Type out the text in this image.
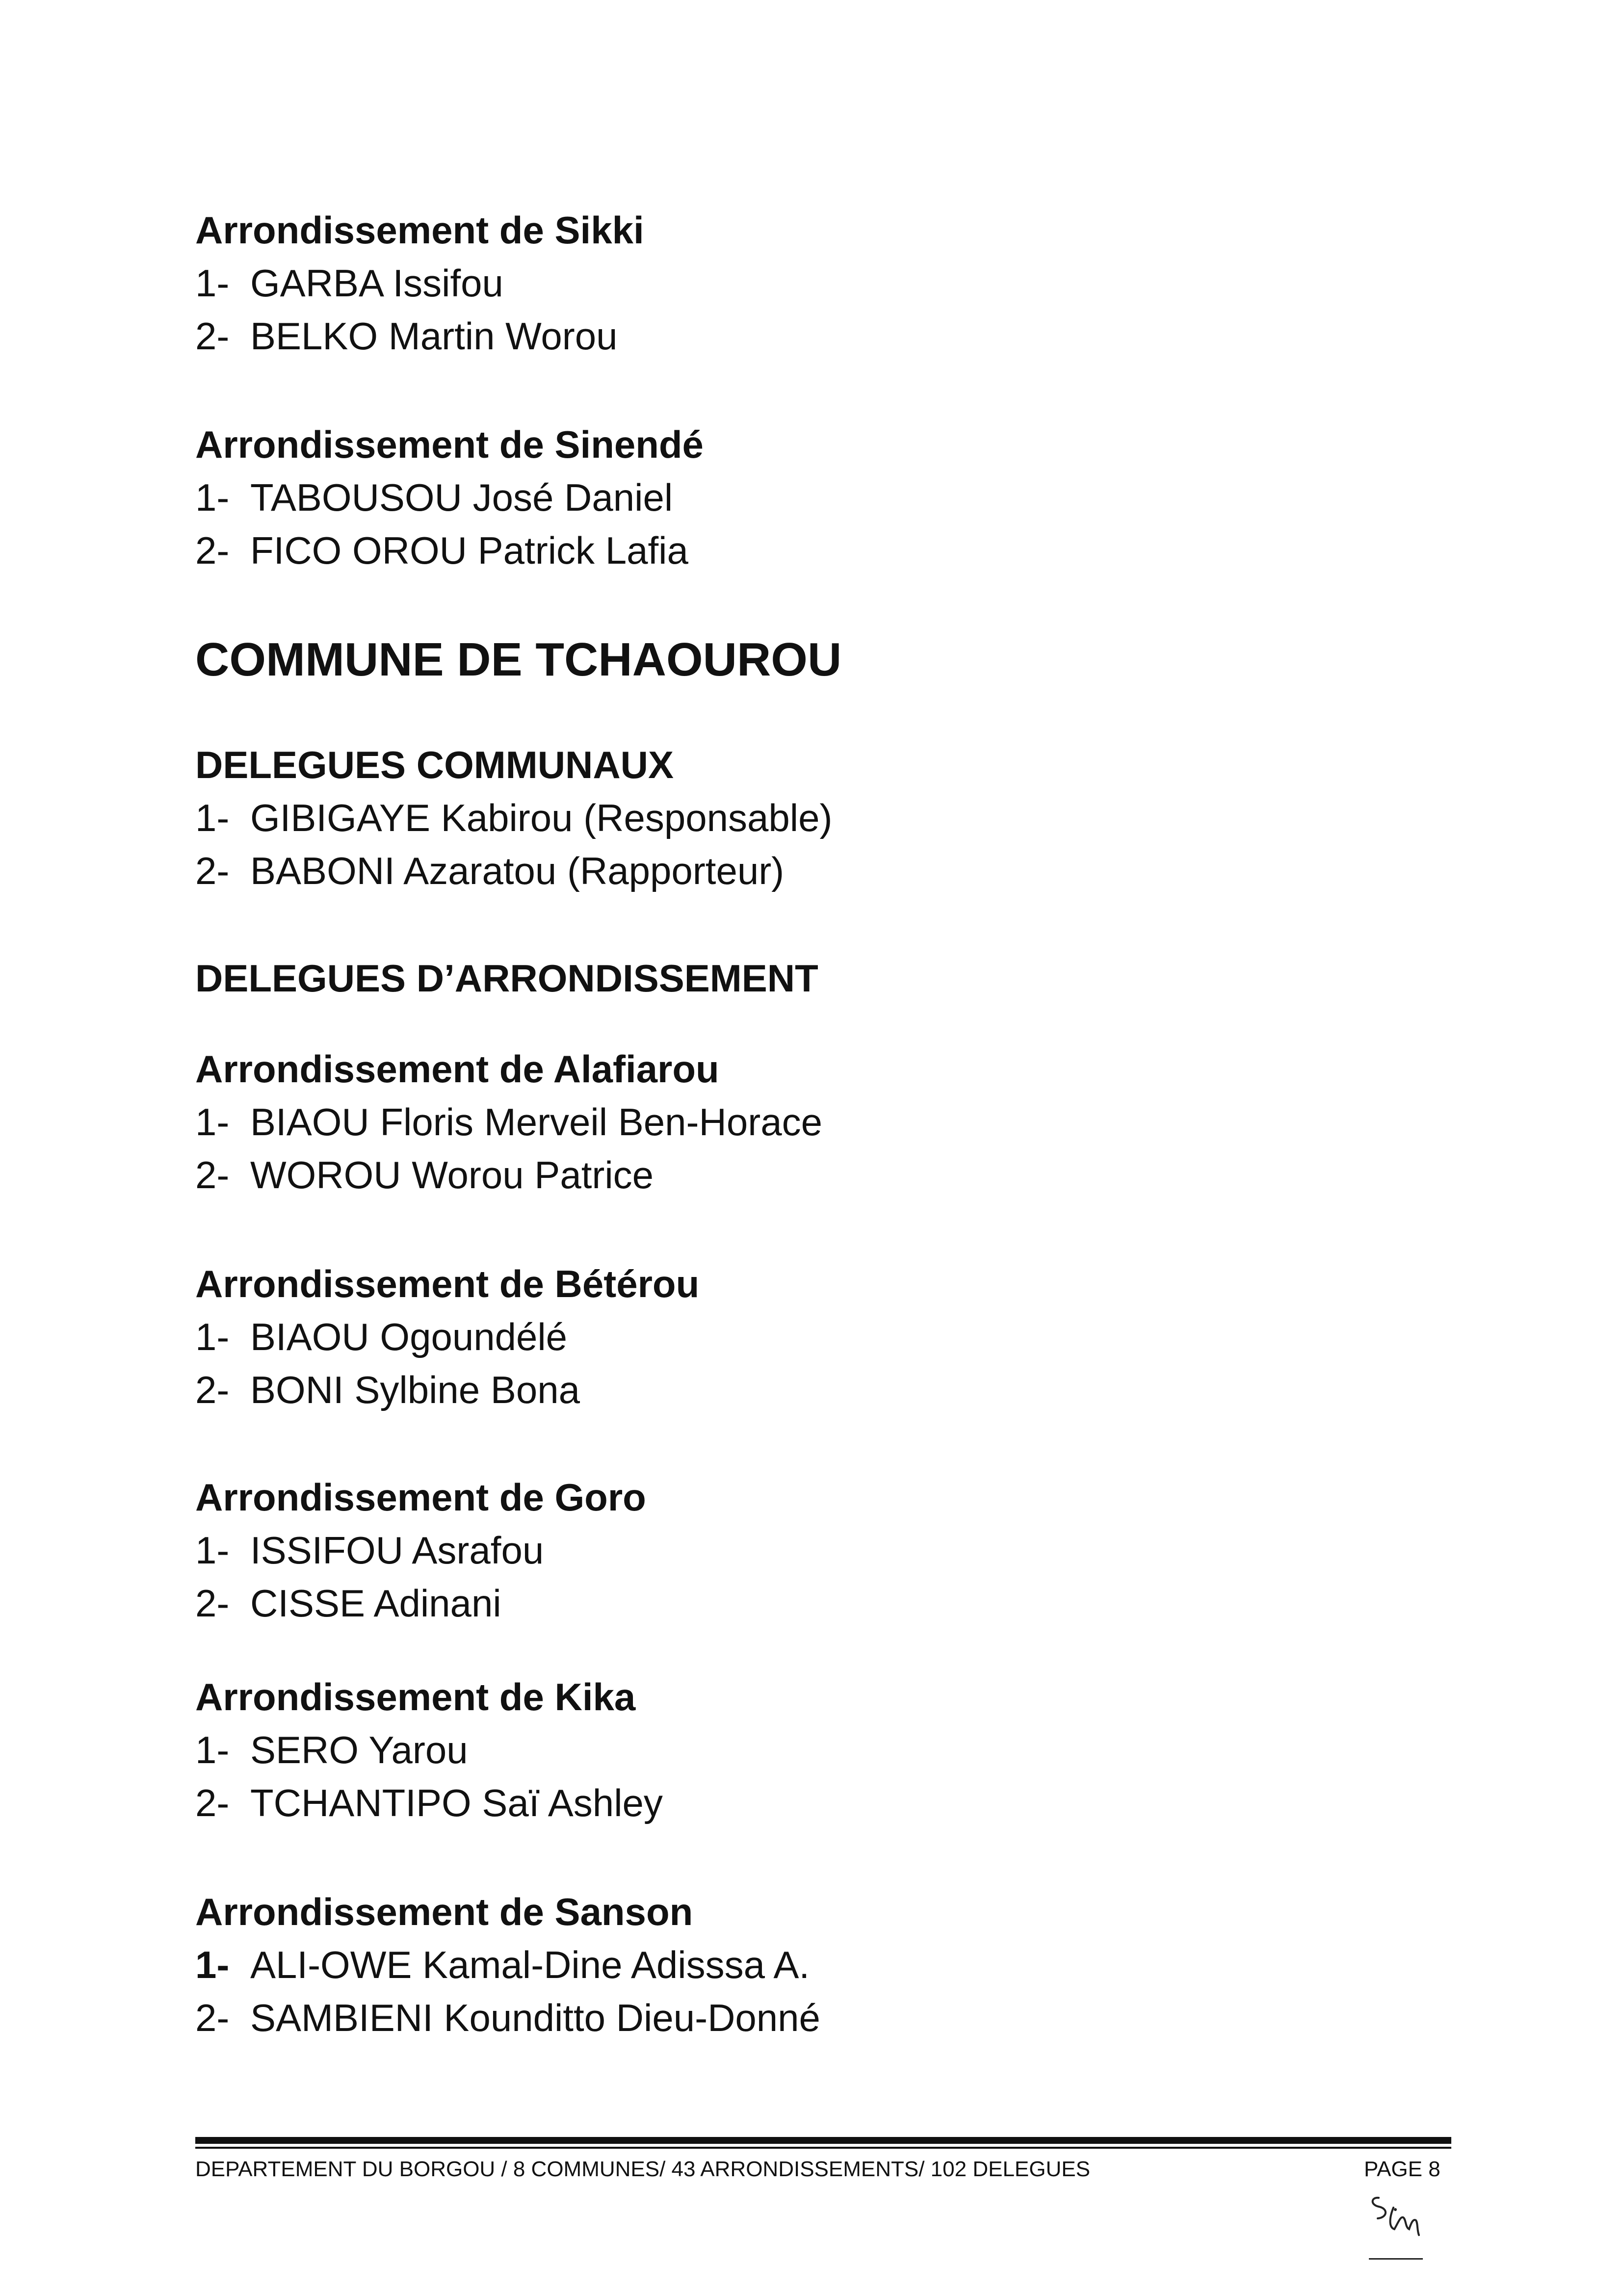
Arrondissement de Sikki
1- GARBA Issifou
2- BELKO Martin Worou
Arrondissement de Sinendé
1- TABOUSOU José Daniel
2- FICO OROU Patrick Lafia
COMMUNE DE TCHAOUROU
DELEGUES COMMUNAUX
1- GIBIGAYE Kabirou (Responsable)
2- BABONI Azaratou (Rapporteur)
DELEGUES D’ARRONDISSEMENT
Arrondissement de Alafiarou
1- BIAOU Floris Merveil Ben-Horace
2- WOROU Worou Patrice
Arrondissement de Bétérou
1- BIAOU Ogoundélé
2- BONI Sylbine Bona
Arrondissement de Goro
1- ISSIFOU Asrafou
2- CISSE Adinani
Arrondissement de Kika
1- SERO Yarou
2- TCHANTIPO Saï Ashley
Arrondissement de Sanson
1- ALI-OWE Kamal-Dine Adisssa A.
2- SAMBIENI Kounditto Dieu-Donné
DEPARTEMENT DU BORGOU / 8 COMMUNES/ 43 ARRONDISSEMENTS/ 102 DELEGUES	PAGE 8
